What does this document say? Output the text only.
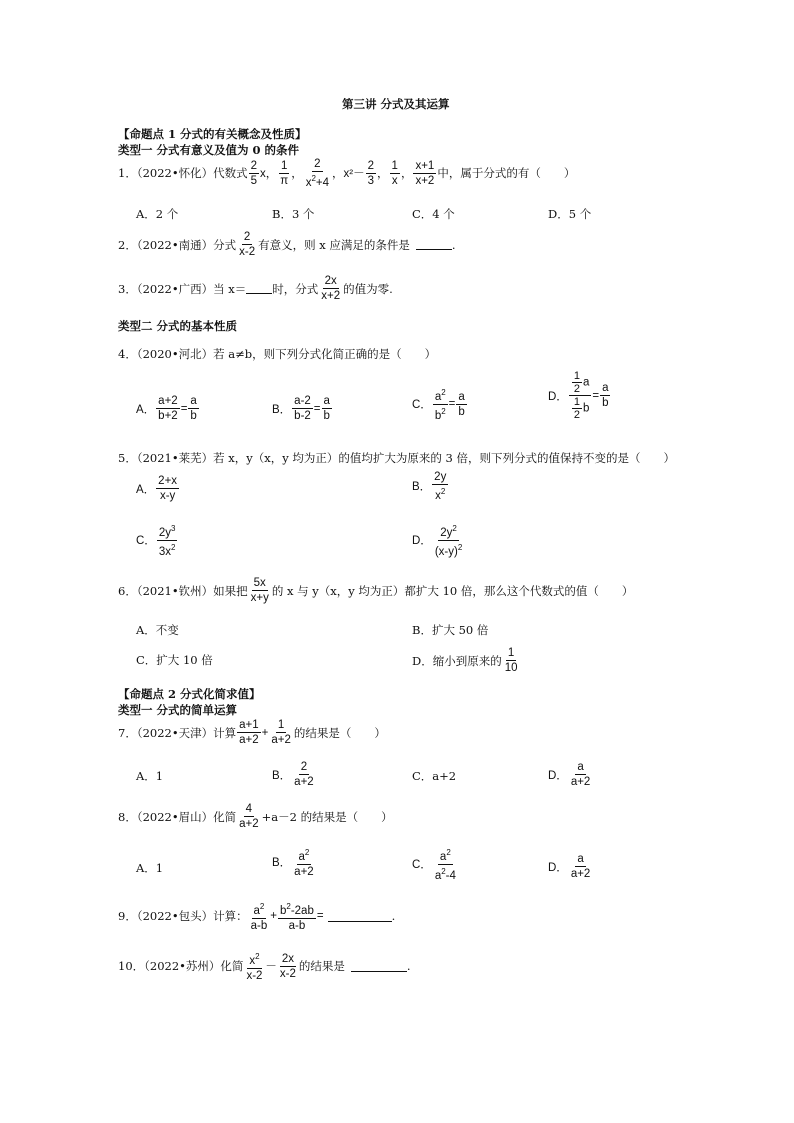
第三讲 分式及其运算
【命题点 1 分式的有关概念及性质】
类型一 分式有意义及值为 0 的条件
1．（2022•怀化）代数式 $\frac{2}{5}$ x， $\frac{1}{\pi}$ ， $\frac{2}{x^2+4}$ ，$x^2- \frac{2}{3}$ ， $\frac{1}{x}$ ， $\frac{x+1}{x+2}$ 中，属于分式的有（　　）
A．2 个	B．3 个	C．4 个	D．5 个
2．（2022•南通）分式 $\frac{2}{x-2}$ 有意义，则 x 应满足的条件是	.
3．（2022•广西）当 x＝ 时，分式 $\frac{2x}{x+2}$ 的值为零.
类型二 分式的基本性质
4．（2020•河北）若 a≠b，则下列分式化简正确的是（　　）
A． $\frac{a+2}{b+2} = \frac{a}{b}$	B． $\frac{a-2}{b-2} = \frac{a}{b}$	C． $\frac{a^2}{b^2} = \frac{a}{b}$	D． $\frac{\frac{1}{2} a}{\frac{1}{2} b} = \frac{a}{b}$
5．（2021•莱芜）若 x，y（x，y 均为正）的值均扩大为原来的 3 倍，则下列分式的值保持不变的是（　　）
A． $\frac{2+x}{x-y}$	B． $\frac{2y}{x^2}$
C． $\frac{2y^3}{3x^2}$	D． $\frac{2y^2}{(x-y)^2}$
6．（2021•钦州）如果把 $\frac{5x}{x+y}$ 的 x 与 y（x，y 均为正）都扩大 10 倍，那么这个代数式的值（　　）
A．不变	B．扩大 50 倍
C．扩大 10 倍	D．缩小到原来的 $\frac{1}{10}$
【命题点 2 分式化简求值】
类型一 分式的简单运算
7．（2022•天津）计算 $\frac{a+1}{a+2} + \frac{1}{a+2}$ 的结果是（　　）
A．1	B． $\frac{2}{a+2}$	C．a+2	D． $\frac{a}{a+2}$
8．（2022•眉山）化简 $\frac{4}{a+2} +a-2$ 的结果是（　　）
A．1	B． $\frac{a^2}{a+2}$	C． $\frac{a^2}{a^2-4}$	D． $\frac{a}{a+2}$
9．（2022•包头）计算： $\frac{a^2}{a-b} + \frac{b^2-2ab}{a-b}$ =	.
10．（2022•苏州）化简 $\frac{x^2}{x-2} - \frac{2x}{x-2}$ 的结果是	.
